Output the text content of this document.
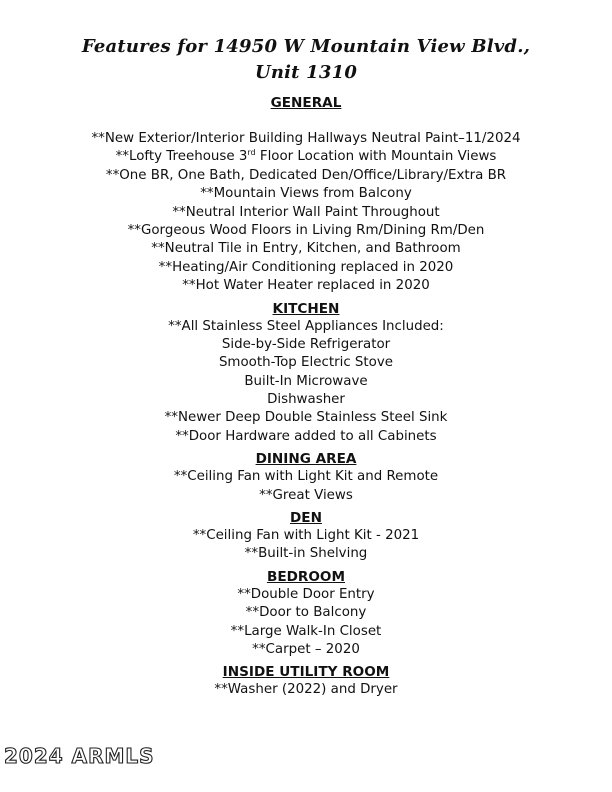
Features for 14950 W Mountain View Blvd.,
Unit 1310
GENERAL
**New Exterior/Interior Building Hallways Neutral Paint–11/2024
**Lofty Treehouse 3rd Floor Location with Mountain Views
**One BR, One Bath, Dedicated Den/Office/Library/Extra BR
**Mountain Views from Balcony
**Neutral Interior Wall Paint Throughout
**Gorgeous Wood Floors in Living Rm/Dining Rm/Den
**Neutral Tile in Entry, Kitchen, and Bathroom
**Heating/Air Conditioning replaced in 2020
**Hot Water Heater replaced in 2020
KITCHEN
**All Stainless Steel Appliances Included:
Side-by-Side Refrigerator
Smooth-Top Electric Stove
Built-In Microwave
Dishwasher
**Newer Deep Double Stainless Steel Sink
**Door Hardware added to all Cabinets
DINING AREA
**Ceiling Fan with Light Kit and Remote
**Great Views
DEN
**Ceiling Fan with Light Kit - 2021
**Built-in Shelving
BEDROOM
**Double Door Entry
**Door to Balcony
**Large Walk-In Closet
**Carpet – 2020
INSIDE UTILITY ROOM
**Washer (2022) and Dryer
2024 ARMLS
